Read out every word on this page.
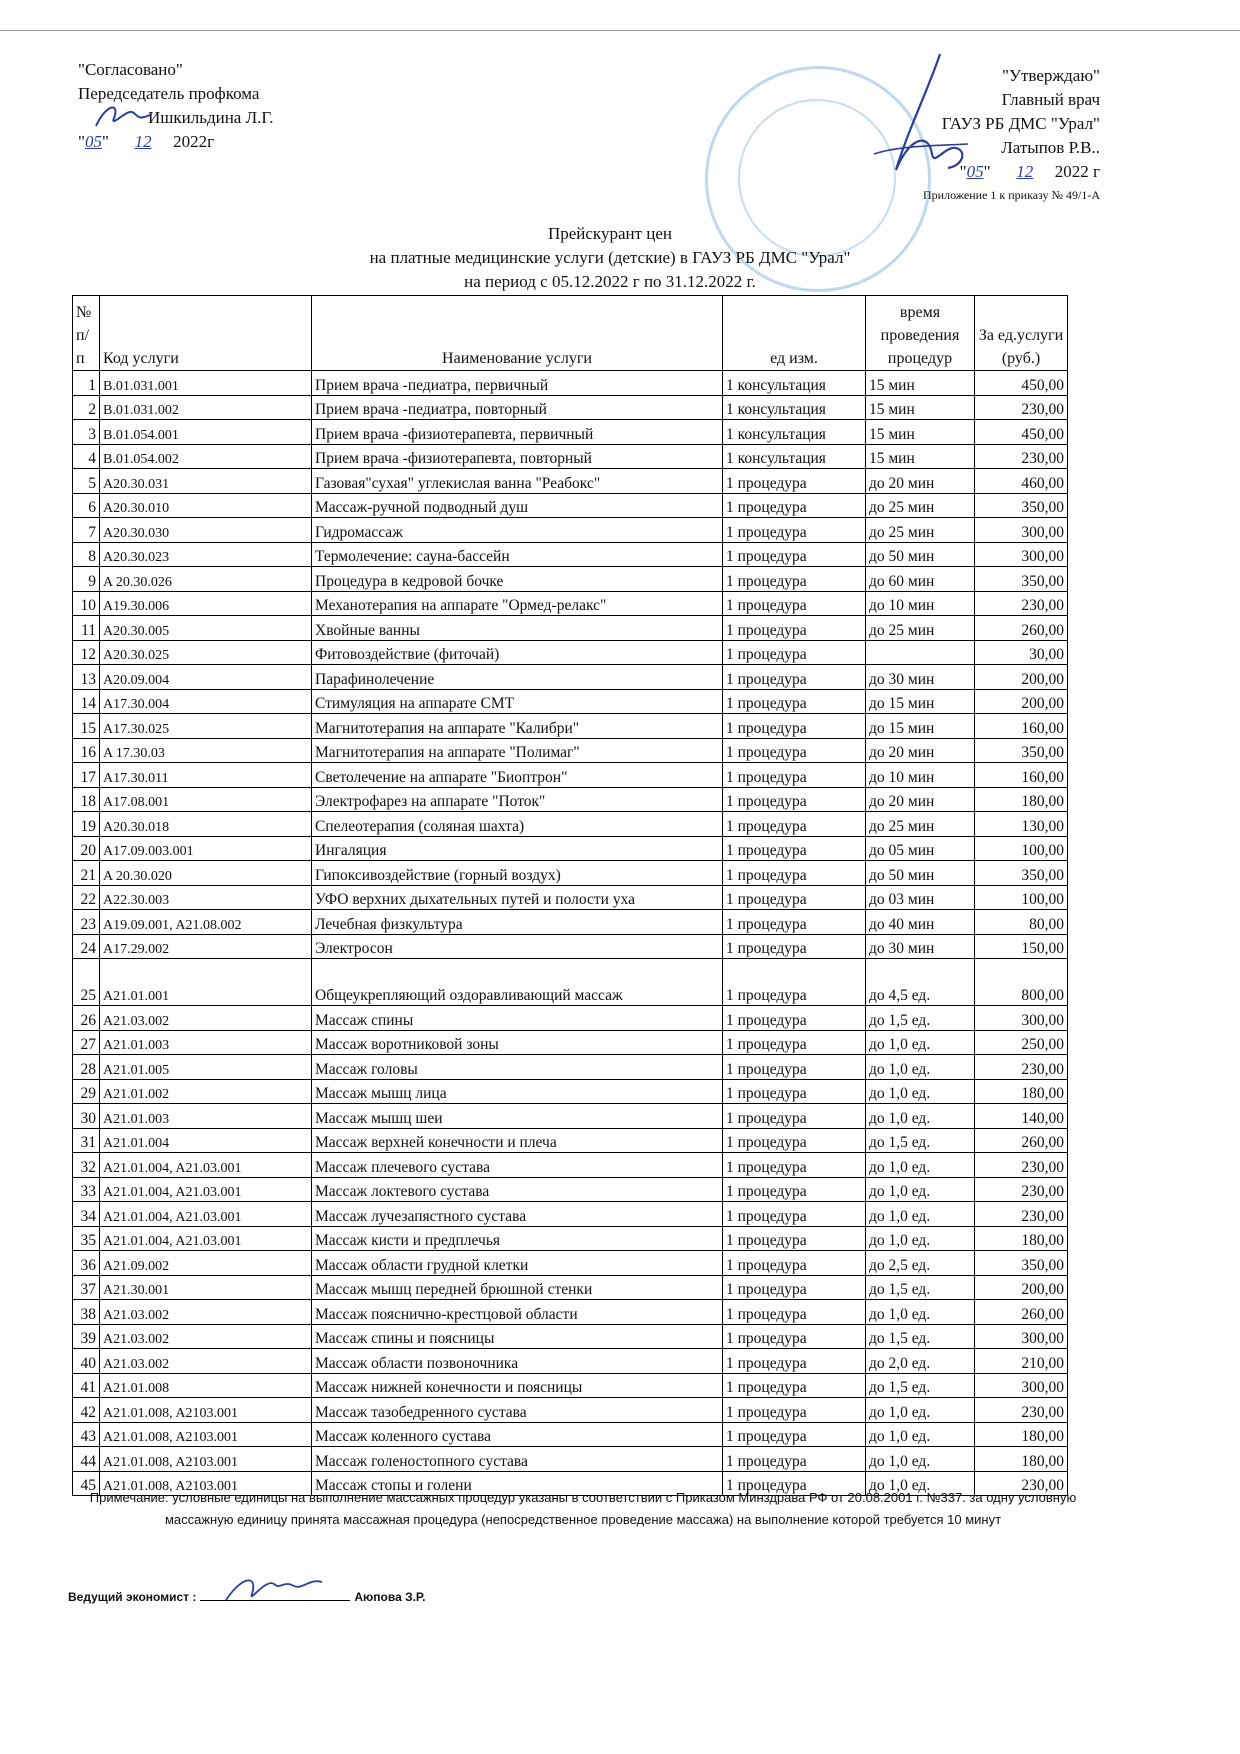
"Согласовано"
Передседатель профкома
Ишкильдина Л.Г.
"05" 12 2022г
"Утверждаю"
Главный врач
ГАУЗ РБ ДМС "Урал"
Латыпов Р.В..
"05" 12 2022 г
Приложение 1 к приказу № 49/1-А
Прейскурант цен
на платные медицинские услуги (детские) в ГАУЗ РБ ДМС "Урал"
на период с 05.12.2022 г по 31.12.2022 г.
№ п/п	Код услуги	Наименование услуги	ед изм.	время проведения процедур	За ед.услуги (руб.)
1	B.01.031.001	Прием врача -педиатра, первичный	1 консультация	15 мин	450,00
2	B.01.031.002	Прием врача -педиатра, повторный	1 консультация	15 мин	230,00
3	B.01.054.001	Прием врача -физиотерапевта, первичный	1 консультация	15 мин	450,00
4	B.01.054.002	Прием врача -физиотерапевта, повторный	1 консультация	15 мин	230,00
5	A20.30.031	Газовая"сухая" углекислая ванна "Реабокс"	1 процедура	до 20 мин	460,00
6	A20.30.010	Массаж-ручной подводный душ	1 процедура	до 25 мин	350,00
7	A20.30.030	Гидромассаж	1 процедура	до 25 мин	300,00
8	A20.30.023	Термолечение: сауна-бассейн	1 процедура	до 50 мин	300,00
9	A 20.30.026	Процедура в кедровой бочке	1 процедура	до 60 мин	350,00
10	A19.30.006	Механотерапия на аппарате "Ормед-релакс"	1 процедура	до 10 мин	230,00
11	A20.30.005	Хвойные ванны	1 процедура	до 25 мин	260,00
12	A20.30.025	Фитовоздействие (фиточай)	1 процедура		30,00
13	A20.09.004	Парафинолечение	1 процедура	до 30 мин	200,00
14	A17.30.004	Стимуляция на аппарате СМТ	1 процедура	до 15 мин	200,00
15	A17.30.025	Магнитотерапия на аппарате "Калибри"	1 процедура	до 15 мин	160,00
16	A 17.30.03	Магнитотерапия на аппарате "Полимаг"	1 процедура	до 20 мин	350,00
17	A17.30.011	Светолечение на аппарате "Биоптрон"	1 процедура	до 10 мин	160,00
18	A17.08.001	Электрофарез на аппарате "Поток"	1 процедура	до 20 мин	180,00
19	A20.30.018	Спелеотерапия (соляная шахта)	1 процедура	до 25 мин	130,00
20	A17.09.003.001	Ингаляция	1 процедура	до 05 мин	100,00
21	A 20.30.020	Гипоксивоздействие (горный воздух)	1 процедура	до 50 мин	350,00
22	A22.30.003	УФО верхних дыхательных путей и полости уха	1 процедура	до 03 мин	100,00
23	A19.09.001, A21.08.002	Лечебная физкультура	1 процедура	до 40 мин	80,00
24	A17.29.002	Электросон	1 процедура	до 30 мин	150,00
25	A21.01.001	Общеукрепляющий оздоравливающий массаж	1 процедура	до 4,5 ед.	800,00
26	A21.03.002	Массаж спины	1 процедура	до 1,5 ед.	300,00
27	A21.01.003	Массаж воротниковой зоны	1 процедура	до 1,0 ед.	250,00
28	A21.01.005	Массаж головы	1 процедура	до 1,0 ед.	230,00
29	A21.01.002	Массаж мышц лица	1 процедура	до 1,0 ед.	180,00
30	A21.01.003	Массаж мышц шеи	1 процедура	до 1,0 ед.	140,00
31	A21.01.004	Массаж верхней конечности и плеча	1 процедура	до 1,5 ед.	260,00
32	A21.01.004, A21.03.001	Массаж плечевого сустава	1 процедура	до 1,0 ед.	230,00
33	A21.01.004, A21.03.001	Массаж локтевого сустава	1 процедура	до 1,0 ед.	230,00
34	A21.01.004, A21.03.001	Массаж лучезапястного сустава	1 процедура	до 1,0 ед.	230,00
35	A21.01.004, A21.03.001	Массаж кисти и предплечья	1 процедура	до 1,0 ед.	180,00
36	A21.09.002	Массаж области грудной клетки	1 процедура	до 2,5 ед.	350,00
37	A21.30.001	Массаж мышц передней брюшной стенки	1 процедура	до 1,5 ед.	200,00
38	A21.03.002	Массаж пояснично-крестцовой области	1 процедура	до 1,0 ед.	260,00
39	A21.03.002	Массаж спины и поясницы	1 процедура	до 1,5 ед.	300,00
40	A21.03.002	Массаж области позвоночника	1 процедура	до 2,0 ед.	210,00
41	A21.01.008	Массаж нижней конечности и поясницы	1 процедура	до 1,5 ед.	300,00
42	A21.01.008, A2103.001	Массаж тазобедренного сустава	1 процедура	до 1,0 ед.	230,00
43	A21.01.008, A2103.001	Массаж коленного сустава	1 процедура	до 1,0 ед.	180,00
44	A21.01.008, A2103.001	Массаж голеностопного сустава	1 процедура	до 1,0 ед.	180,00
45	A21.01.008, A2103.001	Массаж стопы и голени	1 процедура	до 1,0 ед.	230,00
Примечание: условные единицы на выполнение массажных процедур указаны в соответствии с Приказом Минздрава РФ от 20.08.2001 г. №337. за одну условную массажную единицу принята массажная процедура (непосредственное проведение массажа) на выполнение которой требуется 10 минут
Ведущий экономист :	Аюпова З.Р.
